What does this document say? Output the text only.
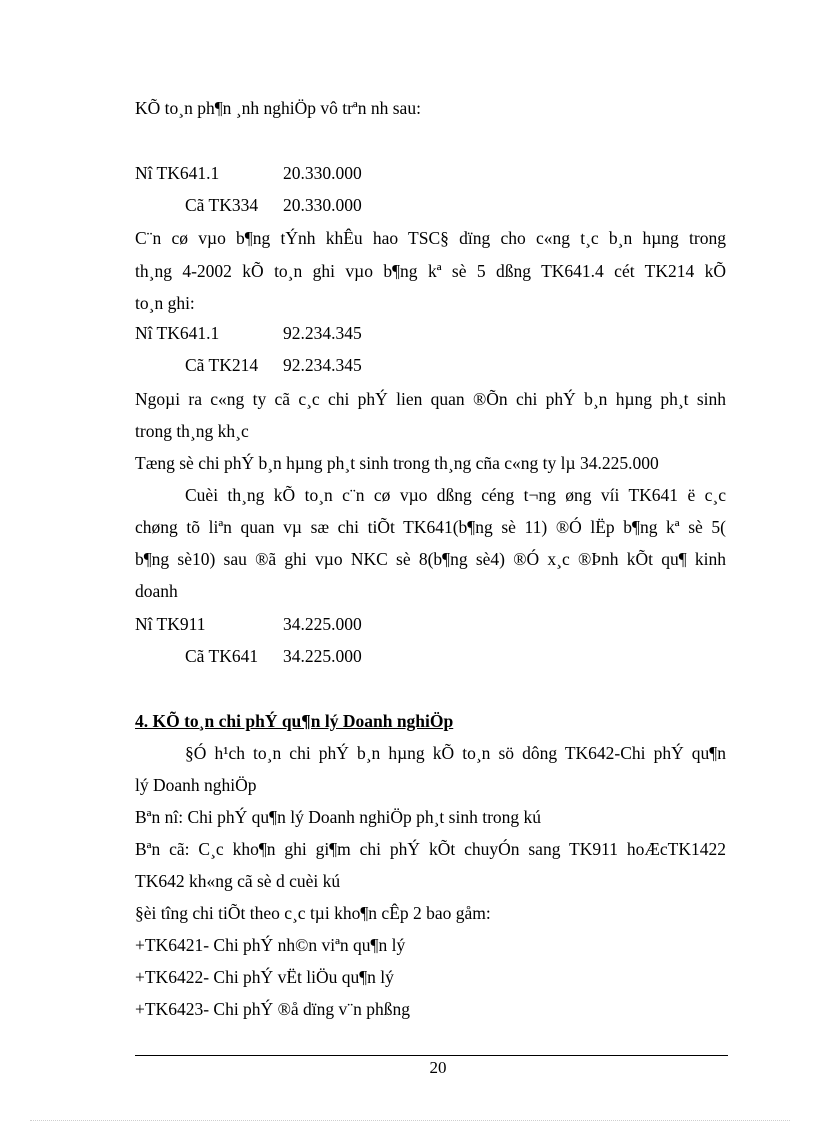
KÕ to¸n ph¶n ¸nh nghiÖp vô trªn nh sau:
Nî TK641.1	20.330.000
Cã TK334 20.330.000
C¨n cø vµo b¶ng tÝnh khÊu hao TSC§ dïng cho c«ng t¸c b¸n hµng trong
th¸ng 4-2002 kÕ to¸n ghi vµo b¶ng kª sè 5 dßng TK641.4 cét TK214 kÕ
to¸n ghi:
Nî TK641.1	92.234.345
Cã TK214 92.234.345
Ngoµi ra c«ng ty cã c¸c chi phÝ lien quan ®Õn chi phÝ b¸n hµng ph¸t sinh
trong th¸ng kh¸c
Tæng sè chi phÝ b¸n hµng ph¸t sinh trong th¸ng cña c«ng ty lµ 34.225.000
Cuèi th¸ng kÕ to¸n c¨n cø vµo dßng céng t¬ng øng víi TK641 ë c¸c
chøng tõ liªn quan vµ sæ chi tiÕt TK641(b¶ng sè 11) ®Ó lËp b¶ng kª sè 5(
b¶ng sè10) sau ®ã ghi vµo NKC sè 8(b¶ng sè4) ®Ó x¸c ®Þnh kÕt qu¶ kinh
doanh
Nî TK911	34.225.000
Cã TK641 34.225.000
4. KÕ to¸n chi phÝ qu¶n lý Doanh nghiÖp
§Ó h¹ch to¸n chi phÝ b¸n hµng kÕ to¸n sö dông TK642-Chi phÝ qu¶n
lý Doanh nghiÖp
Bªn nî: Chi phÝ qu¶n lý Doanh nghiÖp ph¸t sinh trong kú
Bªn cã: C¸c kho¶n ghi gi¶m chi phÝ kÕt chuyÓn sang TK911 hoÆcTK1422
TK642 kh«ng cã sè d cuèi kú
§èi tîng chi tiÕt theo c¸c tµi kho¶n cÊp 2 bao gåm:
+TK6421- Chi phÝ nh©n viªn qu¶n lý
+TK6422- Chi phÝ vËt liÖu qu¶n lý
+TK6423- Chi phÝ ®å dïng v¨n phßng
20
